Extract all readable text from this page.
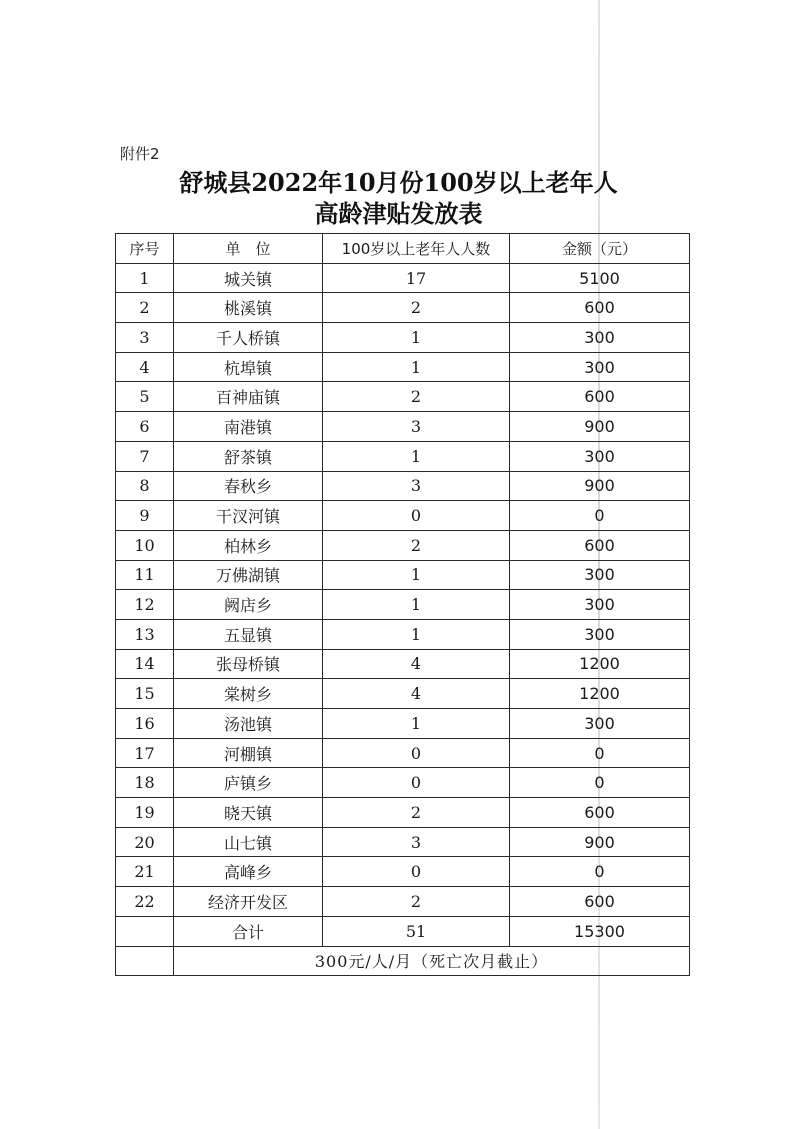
附件2
舒城县2022年10月份100岁以上老年人
高龄津贴发放表
序号	单　位	100岁以上老年人人数	金额（元）
1	城关镇	17	5100
2	桃溪镇	2	600
3	千人桥镇	1	300
4	杭埠镇	1	300
5	百神庙镇	2	600
6	南港镇	3	900
7	舒茶镇	1	300
8	春秋乡	3	900
9	干汊河镇	0	0
10	柏林乡	2	600
11	万佛湖镇	1	300
12	阙店乡	1	300
13	五显镇	1	300
14	张母桥镇	4	1200
15	棠树乡	4	1200
16	汤池镇	1	300
17	河棚镇	0	0
18	庐镇乡	0	0
19	晓天镇	2	600
20	山七镇	3	900
21	高峰乡	0	0
22	经济开发区	2	600
	合计	51	15300
	300元/人/月（死亡次月截止）		
